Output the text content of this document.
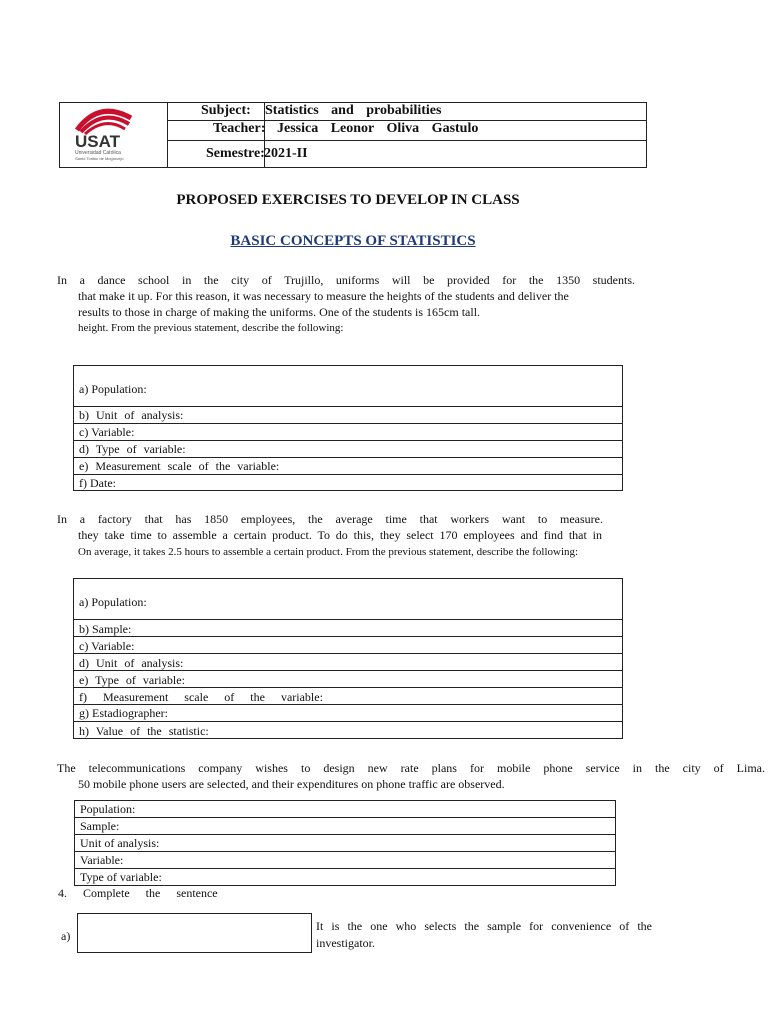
USAT
Universidad Católica
Santo Toribio de Mogrovejo
Subject: Statistics and probabilities
Teacher: Jessica Leonor Oliva Gastulo
Semestre: 2021-II
PROPOSED EXERCISES TO DEVELOP IN CLASS
BASIC CONCEPTS OF STATISTICS
In a dance school in the city of Trujillo, uniforms will be provided for the 1350 students.
that make it up. For this reason, it was necessary to measure the heights of the students and deliver the
results to those in charge of making the uniforms. One of the students is 165cm tall.
height. From the previous statement, describe the following:
a) Population:
b) Unit of analysis:
c) Variable:
d) Type of variable:
e) Measurement scale of the variable:
f) Date:
In a factory that has 1850 employees, the average time that workers want to measure.
they take time to assemble a certain product. To do this, they select 170 employees and find that in
On average, it takes 2.5 hours to assemble a certain product. From the previous statement, describe the following:
a) Population:
b) Sample:
c) Variable:
d) Unit of analysis:
e) Type of variable:
f) Measurement scale of the variable:
g) Estadiographer:
h) Value of the statistic:
The telecommunications company wishes to design new rate plans for mobile phone service in the city of Lima.
50 mobile phone users are selected, and their expenditures on phone traffic are observed.
Population:
Sample:
Unit of analysis:
Variable:
Type of variable:
4. Complete the sentence
a)
It is the one who selects the sample for convenience of the
investigator.
